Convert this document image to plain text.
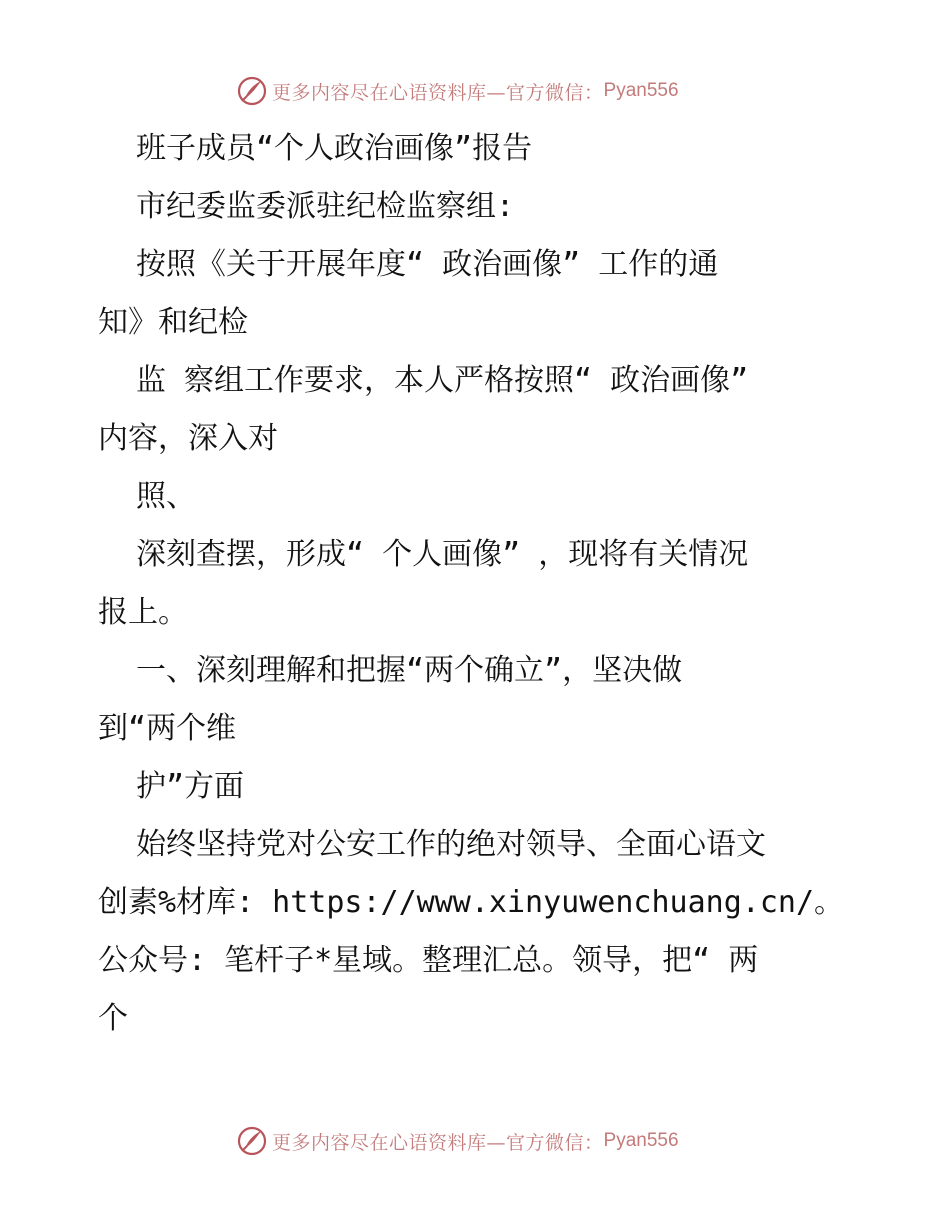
更多内容尽在心语资料库—官方微信： Pyan556

班子成员“个人政治画像”报告

市纪委监委派驻纪检监察组:

按照《关于开展年度“ 政治画像” 工作的通

知》和纪检

监 察组工作要求，本人严格按照“ 政治画像”

内容，深入对

照、

深刻查摆，形成“ 个人画像” ，现将有关情况

报上。

一、深刻理解和把握“两个确立”，坚决做

到“两个维

护”方面

始终坚持党对公安工作的绝对领导、全面心语文

创素%材库: https://www.xinyuwenchuang.cn/。

公众号: 笔杆子*星域。整理汇总。领导，把“ 两

个

更多内容尽在心语资料库—官方微信： Pyan556
